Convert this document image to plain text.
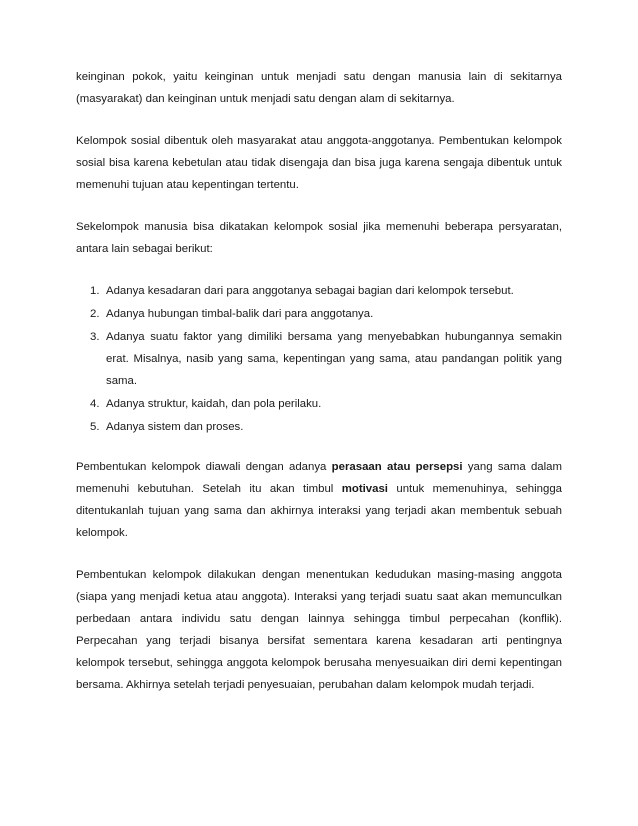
keinginan pokok, yaitu keinginan untuk menjadi satu dengan manusia lain di sekitarnya (masyarakat) dan keinginan untuk menjadi satu dengan alam di sekitarnya.

Kelompok sosial dibentuk oleh masyarakat atau anggota-anggotanya. Pembentukan kelompok sosial bisa karena kebetulan atau tidak disengaja dan bisa juga karena sengaja dibentuk untuk memenuhi tujuan atau kepentingan tertentu.

Sekelompok manusia bisa dikatakan kelompok sosial jika memenuhi beberapa persyaratan, antara lain sebagai berikut:

1. Adanya kesadaran dari para anggotanya sebagai bagian dari kelompok tersebut.
2. Adanya hubungan timbal-balik dari para anggotanya.
3. Adanya suatu faktor yang dimiliki bersama yang menyebabkan hubungannya semakin erat. Misalnya, nasib yang sama, kepentingan yang sama, atau pandangan politik yang sama.
4. Adanya struktur, kaidah, dan pola perilaku.
5. Adanya sistem dan proses.

Pembentukan kelompok diawali dengan adanya perasaan atau persepsi yang sama dalam memenuhi kebutuhan. Setelah itu akan timbul motivasi untuk memenuhinya, sehingga ditentukanlah tujuan yang sama dan akhirnya interaksi yang terjadi akan membentuk sebuah kelompok.

Pembentukan kelompok dilakukan dengan menentukan kedudukan masing-masing anggota (siapa yang menjadi ketua atau anggota). Interaksi yang terjadi suatu saat akan memunculkan perbedaan antara individu satu dengan lainnya sehingga timbul perpecahan (konflik). Perpecahan yang terjadi bisanya bersifat sementara karena kesadaran arti pentingnya kelompok tersebut, sehingga anggota kelompok berusaha menyesuaikan diri demi kepentingan bersama. Akhirnya setelah terjadi penyesuaian, perubahan dalam kelompok mudah terjadi.
